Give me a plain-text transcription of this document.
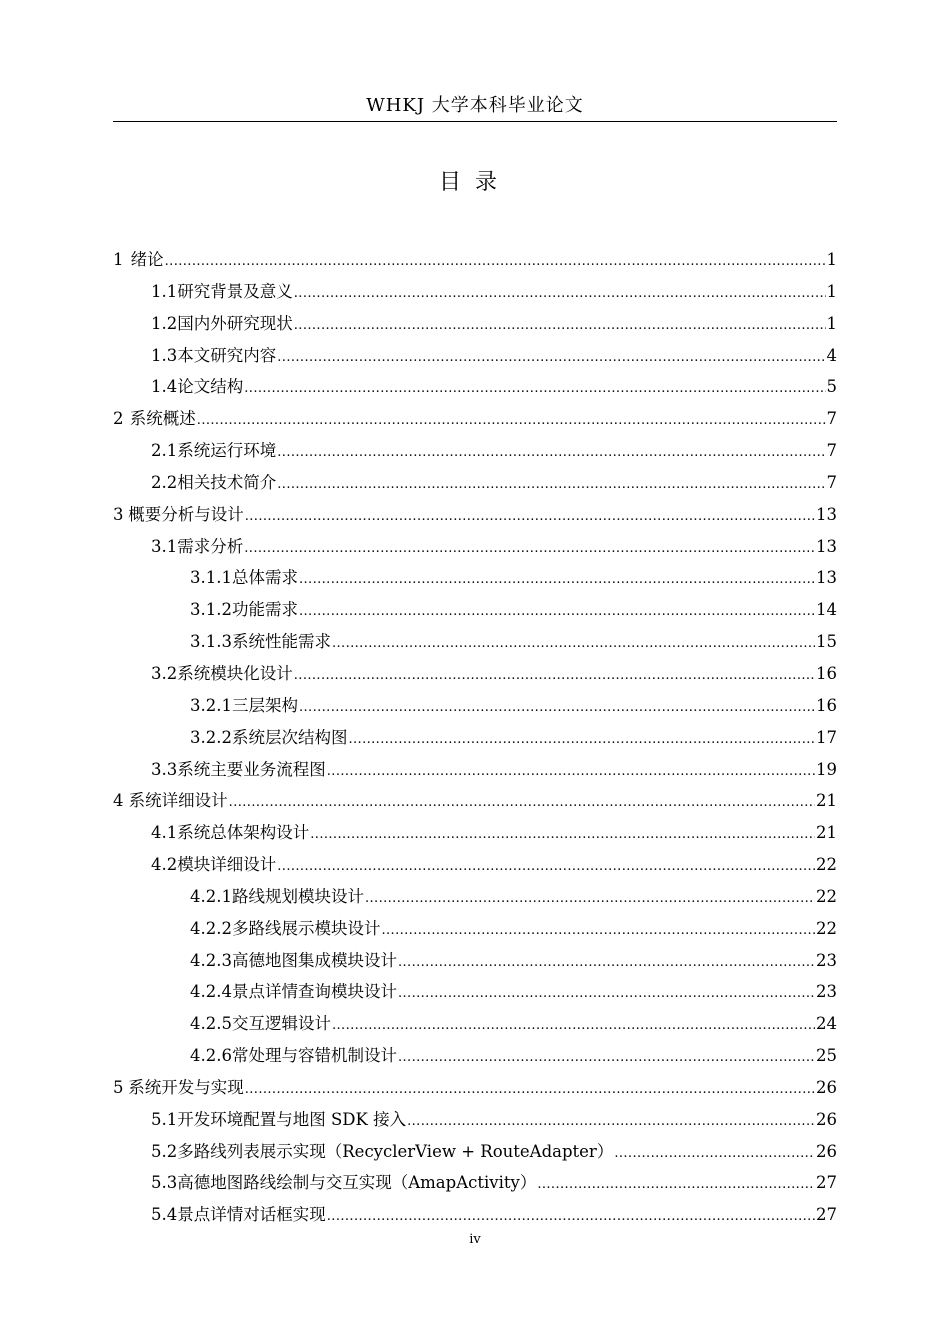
WHKJ 大学本科毕业论文
目录
1 绪论 .....	1
1.1 研究背景及意义 .....	1
1.2 国内外研究现状 .....	1
1.3 本文研究内容 .....	4
1.4 论文结构 .....	5
2 系统概述 .....	7
2.1 系统运行环境 .....	7
2.2 相关技术简介 .....	7
3 概要分析与设计 .....	13
3.1 需求分析 .....	13
3.1.1 总体需求 .....	13
3.1.2 功能需求 .....	14
3.1.3 系统性能需求 .....	15
3.2 系统模块化设计 .....	16
3.2.1 三层架构 .....	16
3.2.2 系统层次结构图 .....	17
3.3 系统主要业务流程图 .....	19
4 系统详细设计 .....	21
4.1 系统总体架构设计 .....	21
4.2 模块详细设计 .....	22
4.2.1 路线规划模块设计 .....	22
4.2.2 多路线展示模块设计 .....	22
4.2.3 高德地图集成模块设计 .....	23
4.2.4 景点详情查询模块设计 .....	23
4.2.5 交互逻辑设计 .....	24
4.2.6 常处理与容错机制设计 .....	25
5 系统开发与实现 .....	26
5.1 开发环境配置与地图 SDK 接入 .....	26
5.2 多路线列表展示实现（RecyclerView + RouteAdapter） .....	26
5.3 高德地图路线绘制与交互实现（AmapActivity） .....	27
5.4 景点详情对话框实现 .....	27
iv
